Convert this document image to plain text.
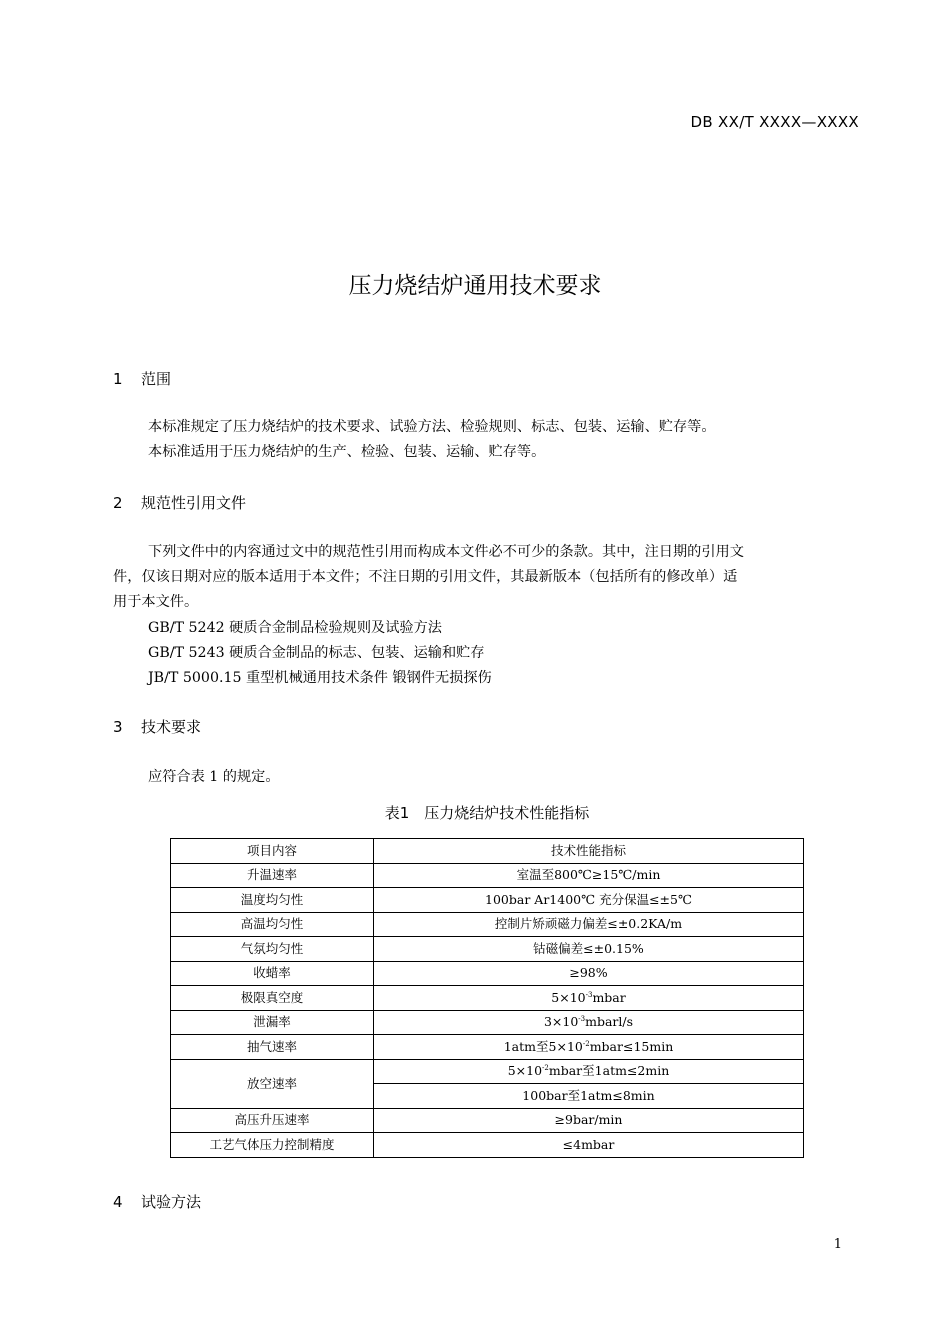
DB XX/T XXXX—XXXX
压力烧结炉通用技术要求
1 范围
本标准规定了压力烧结炉的技术要求、试验方法、检验规则、标志、包装、运输、贮存等。
本标准适用于压力烧结炉的生产、检验、包装、运输、贮存等。
2 规范性引用文件
下列文件中的内容通过文中的规范性引用而构成本文件必不可少的条款。其中，注日期的引用文
件，仅该日期对应的版本适用于本文件；不注日期的引用文件，其最新版本（包括所有的修改单）适
用于本文件。
GB/T 5242 硬质合金制品检验规则及试验方法
GB/T 5243 硬质合金制品的标志、包装、运输和贮存
JB/T 5000.15 重型机械通用技术条件 锻钢件无损探伤
3 技术要求
应符合表 1 的规定。
表1　压力烧结炉技术性能指标
项目内容	技术性能指标
升温速率	室温至800℃≥15℃/min
温度均匀性	100bar Ar1400℃ 充分保温≤±5℃
高温均匀性	控制片矫顽磁力偏差≤±0.2KA/m
气氛均匀性	钴磁偏差≤±0.15%
收蜡率	≥98%
极限真空度	$5\times 10^{-3}mbar$
泄漏率	$3\times 10^{-3}mbarl/s$
抽气速率	1atm至$5\times 10^{-2}mbar\le 15\min$
放空速率	$5\times 10^{-2}mbar$至1atm≤2min
	100bar至1atm≤8min
高压升压速率	≥9bar/min
工艺气体压力控制精度	≤4mbar
4 试验方法
1
